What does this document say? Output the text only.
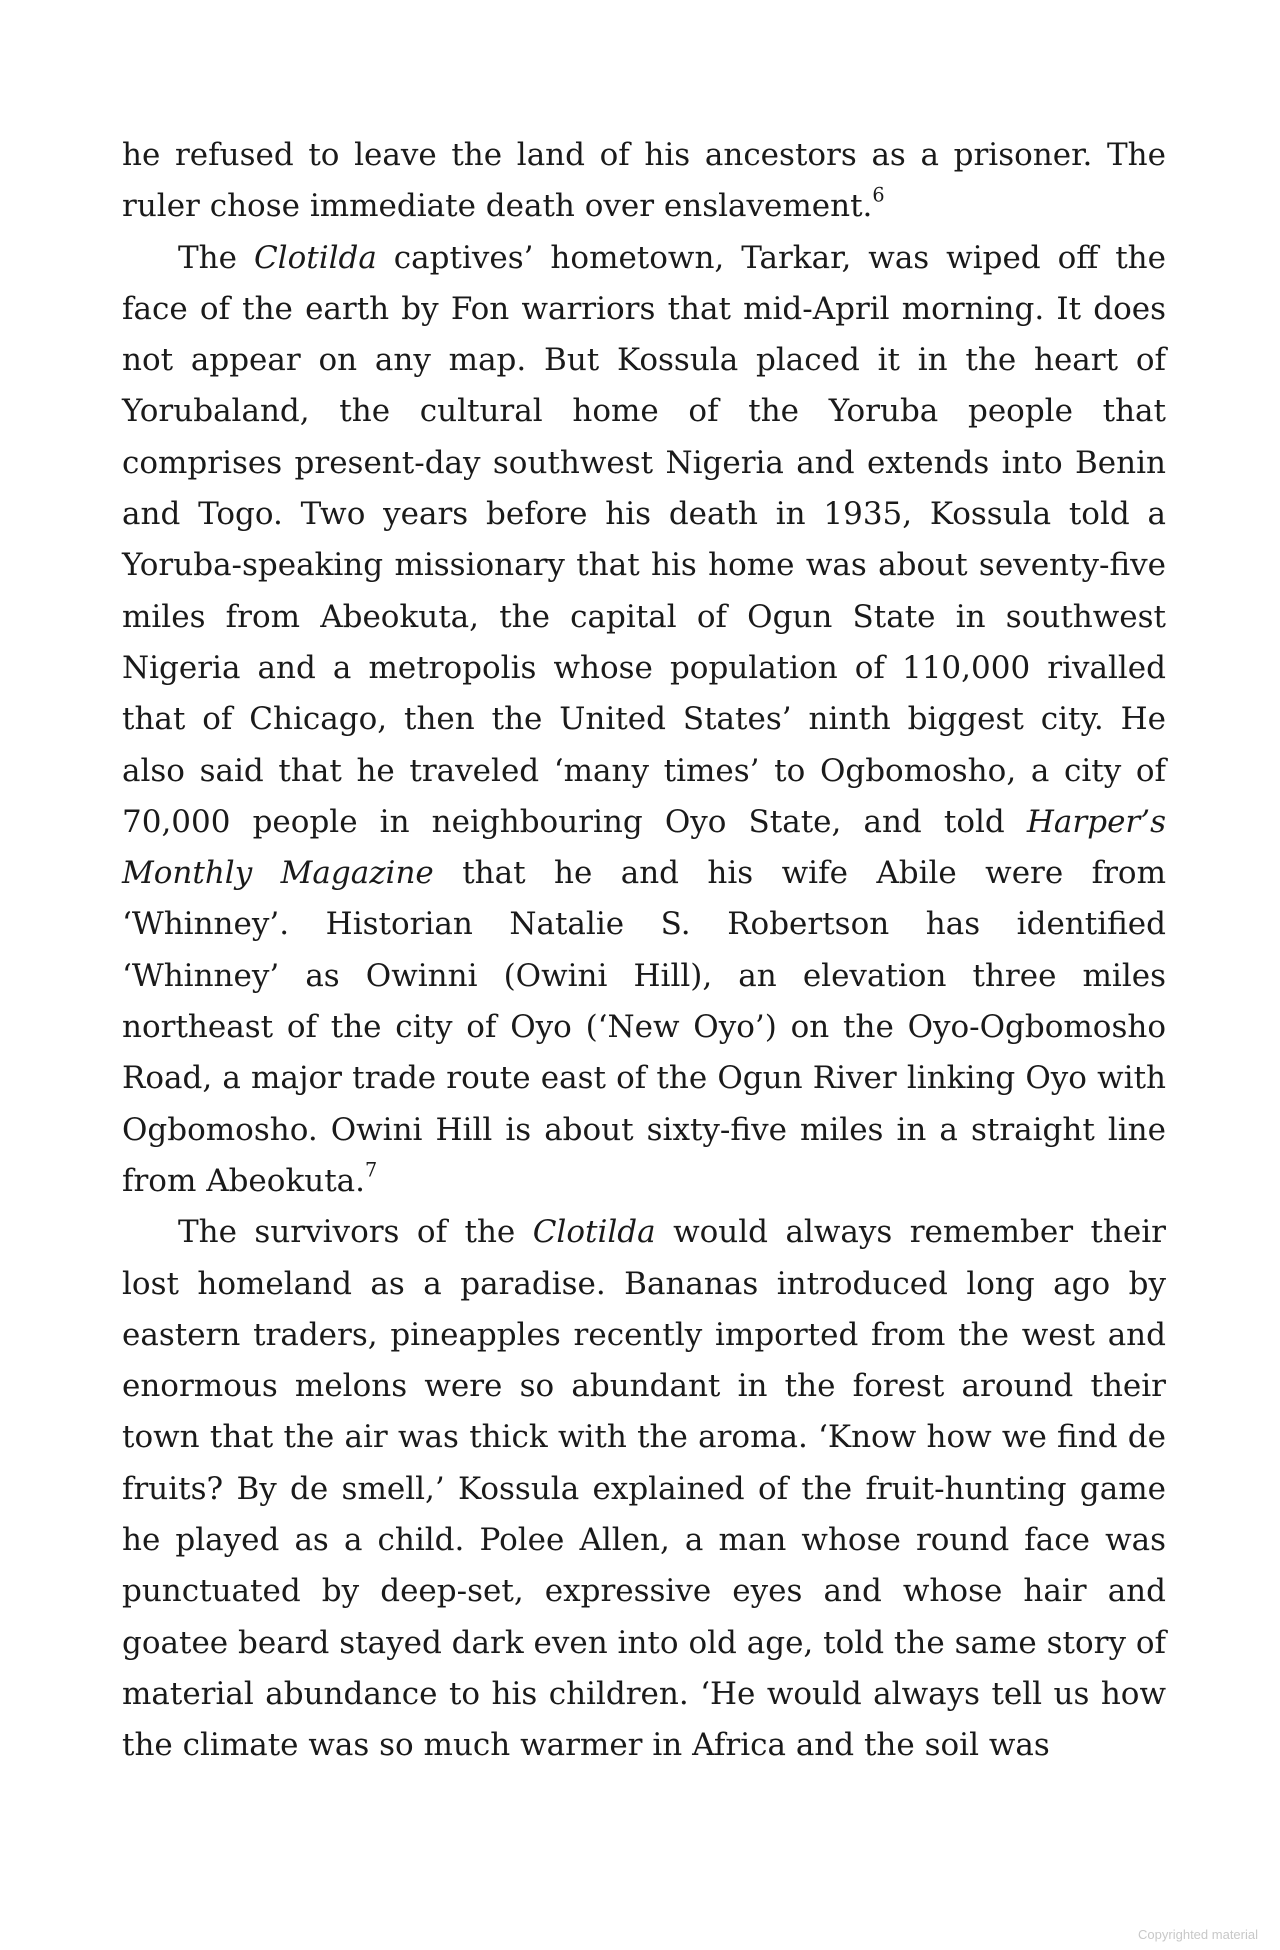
he refused to leave the land of his ancestors as a prisoner. The ruler chose immediate death over enslavement.$^6$

The Clotilda captives’ hometown, Tarkar, was wiped off the face of the earth by Fon warriors that mid-April morning. It does not appear on any map. But Kossula placed it in the heart of Yorubaland, the cultural home of the Yoruba people that comprises present-day southwest Nigeria and extends into Benin and Togo. Two years before his death in 1935, Kossula told a Yoruba-speaking missionary that his home was about seventy-five miles from Abeokuta, the capital of Ogun State in southwest Nigeria and a metropolis whose population of 110,000 rivalled that of Chicago, then the United States’ ninth biggest city. He also said that he traveled ‘many times’ to Ogbomosho, a city of 70,000 people in neighbouring Oyo State, and told Harper’s Monthly Magazine that he and his wife Abile were from ‘Whinney’. Historian Natalie S. Robertson has identified ‘Whinney’ as Owinni (Owini Hill), an elevation three miles northeast of the city of Oyo (‘New Oyo’) on the Oyo-Ogbomosho Road, a major trade route east of the Ogun River linking Oyo with Ogbomosho. Owini Hill is about sixty-five miles in a straight line from Abeokuta.$^7$

The survivors of the Clotilda would always remember their lost homeland as a paradise. Bananas introduced long ago by eastern traders, pineapples recently imported from the west and enormous melons were so abundant in the forest around their town that the air was thick with the aroma. ‘Know how we find de fruits? By de smell,’ Kossula explained of the fruit-hunting game he played as a child. Polee Allen, a man whose round face was punctuated by deep-set, expressive eyes and whose hair and goatee beard stayed dark even into old age, told the same story of material abundance to his children. ‘He would always tell us how the climate was so much warmer in Africa and the soil was

Copyrighted material
